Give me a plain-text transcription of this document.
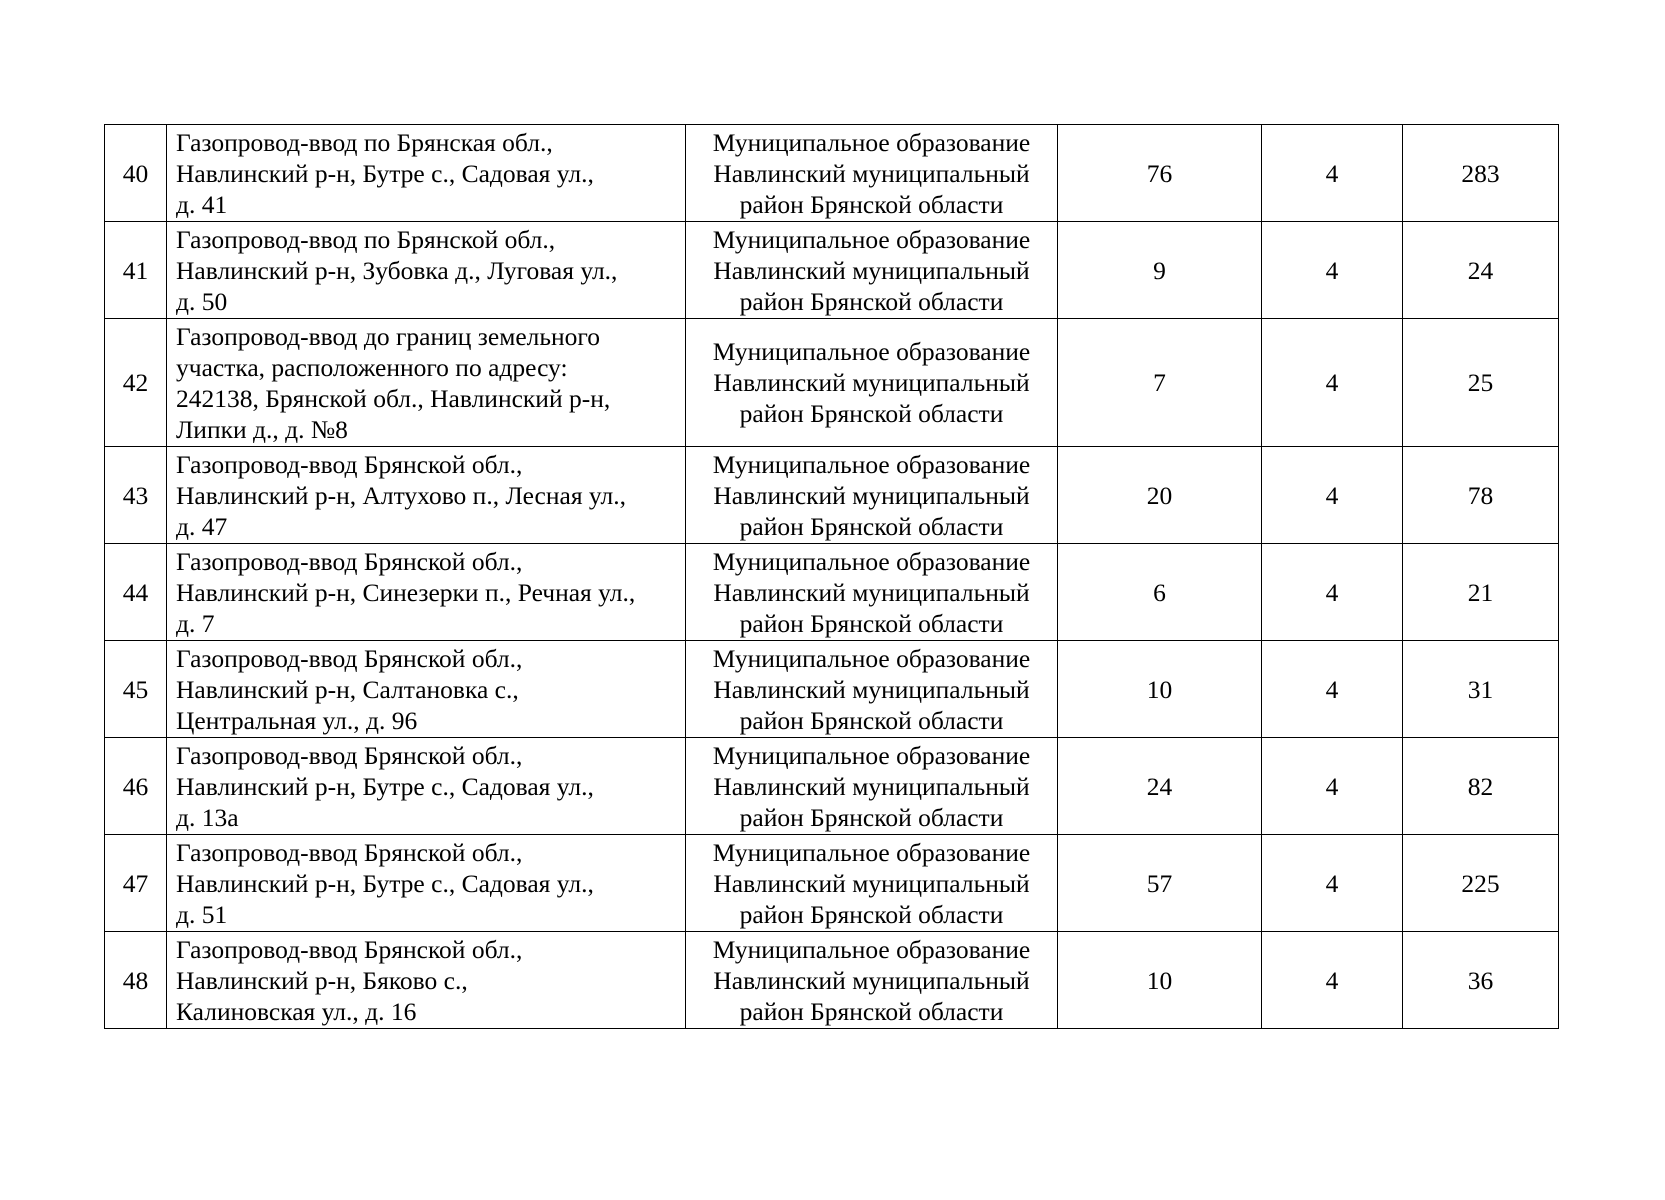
40	Газопровод-ввод по Брянская обл.,
Навлинский р-н, Бутре с., Садовая ул.,
д. 41	Муниципальное образование
Навлинский муниципальный
район Брянской области	76	4	283
41	Газопровод-ввод по Брянской обл.,
Навлинский р-н, Зубовка д., Луговая ул.,
д. 50	Муниципальное образование
Навлинский муниципальный
район Брянской области	9	4	24
42	Газопровод-ввод до границ земельного
участка, расположенного по адресу:
242138, Брянской обл., Навлинский р-н,
Липки д., д. №8	Муниципальное образование
Навлинский муниципальный
район Брянской области	7	4	25
43	Газопровод-ввод Брянской обл.,
Навлинский р-н, Алтухово п., Лесная ул.,
д. 47	Муниципальное образование
Навлинский муниципальный
район Брянской области	20	4	78
44	Газопровод-ввод Брянской обл.,
Навлинский р-н, Синезерки п., Речная ул.,
д. 7	Муниципальное образование
Навлинский муниципальный
район Брянской области	6	4	21
45	Газопровод-ввод Брянской обл.,
Навлинский р-н, Салтановка с.,
Центральная ул., д. 96	Муниципальное образование
Навлинский муниципальный
район Брянской области	10	4	31
46	Газопровод-ввод Брянской обл.,
Навлинский р-н, Бутре с., Садовая ул.,
д. 13а	Муниципальное образование
Навлинский муниципальный
район Брянской области	24	4	82
47	Газопровод-ввод Брянской обл.,
Навлинский р-н, Бутре с., Садовая ул.,
д. 51	Муниципальное образование
Навлинский муниципальный
район Брянской области	57	4	225
48	Газопровод-ввод Брянской обл.,
Навлинский р-н, Бяково с.,
Калиновская ул., д. 16	Муниципальное образование
Навлинский муниципальный
район Брянской области	10	4	36
